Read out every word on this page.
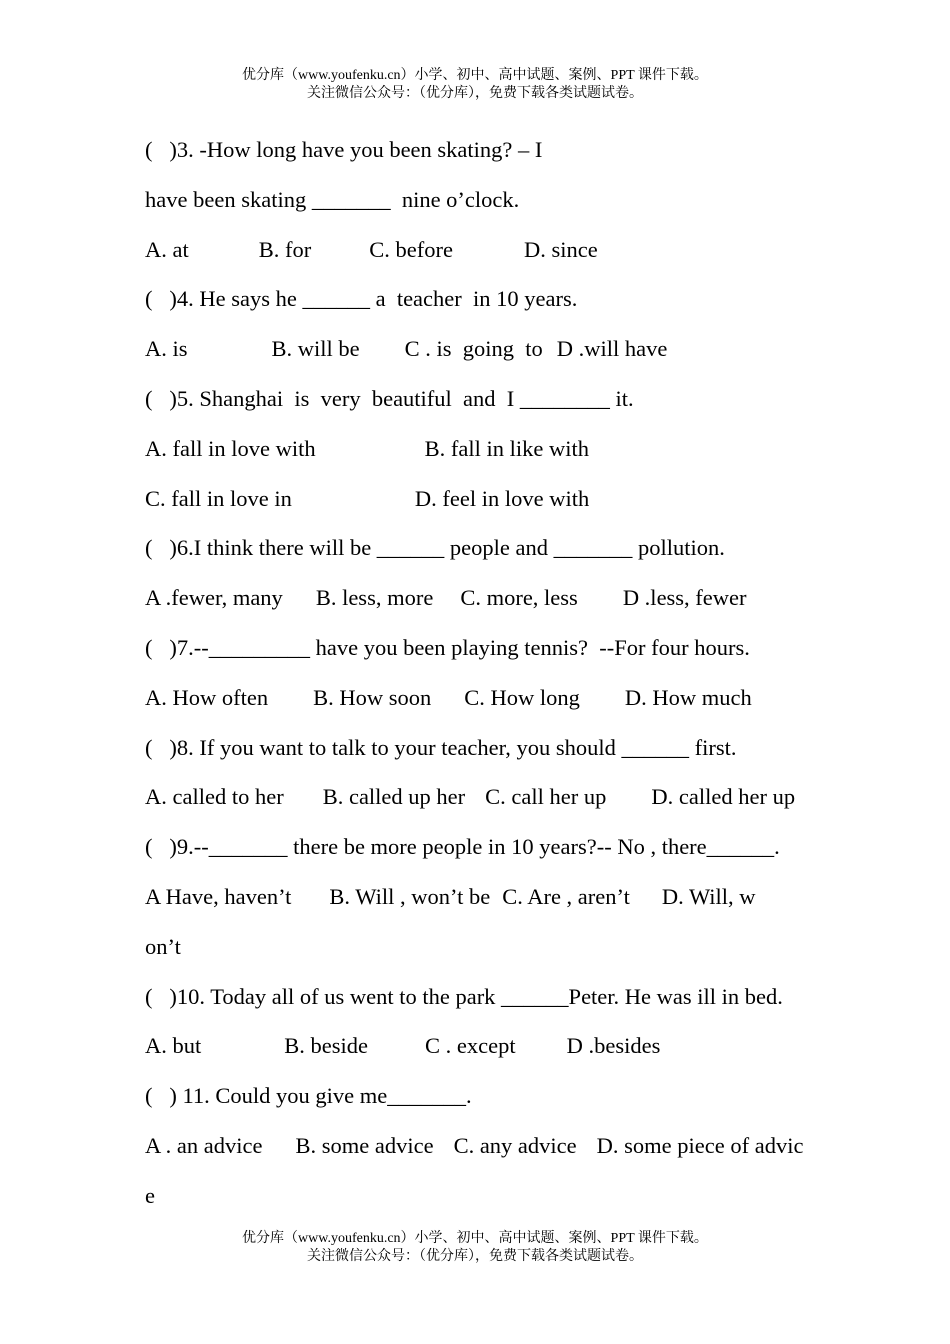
优分库（www.youfenku.cn）小学、初中、高中试题、案例、PPT 课件下载。
关注微信公众号：（优分库），免费下载各类试题试卷。
(   )3. -How long have you been skating? – I
have been skating _______  nine o’clock.
A. at	B. for	C. before	D. since
(   )4. He says he ______ a  teacher  in 10 years.
A. is	B. will be C . is  going  to D .will have
(   )5. Shanghai  is  very  beautiful  and  I ________ it.
A. fall in love with	B. fall in like with
C. fall in love in	D. feel in love with
(   )6.I think there will be ______ people and _______ pollution.
A .fewer, many B. less, more C. more, less D .less, fewer
(   )7.--_________ have you been playing tennis?  --For four hours.
A. How often B. How soon C. How long D. How much
(   )8. If you want to talk to your teacher, you should ______ first.
A. called to her B. called up her C. call her up D. called her up
(   )9.--_______ there be more people in 10 years?-- No , there______.
A Have, haven’t B. Will , won’t be C. Are , aren’t D. Will, w
on’t
(   )10. Today all of us went to the park ______Peter. He was ill in bed.
A. but	B. beside	C . except D .besides
(   ) 11. Could you give me_______.
A . an advice B. some advice C. any advice D. some piece of advic
e
优分库（www.youfenku.cn）小学、初中、高中试题、案例、PPT 课件下载。
关注微信公众号：（优分库），免费下载各类试题试卷。
